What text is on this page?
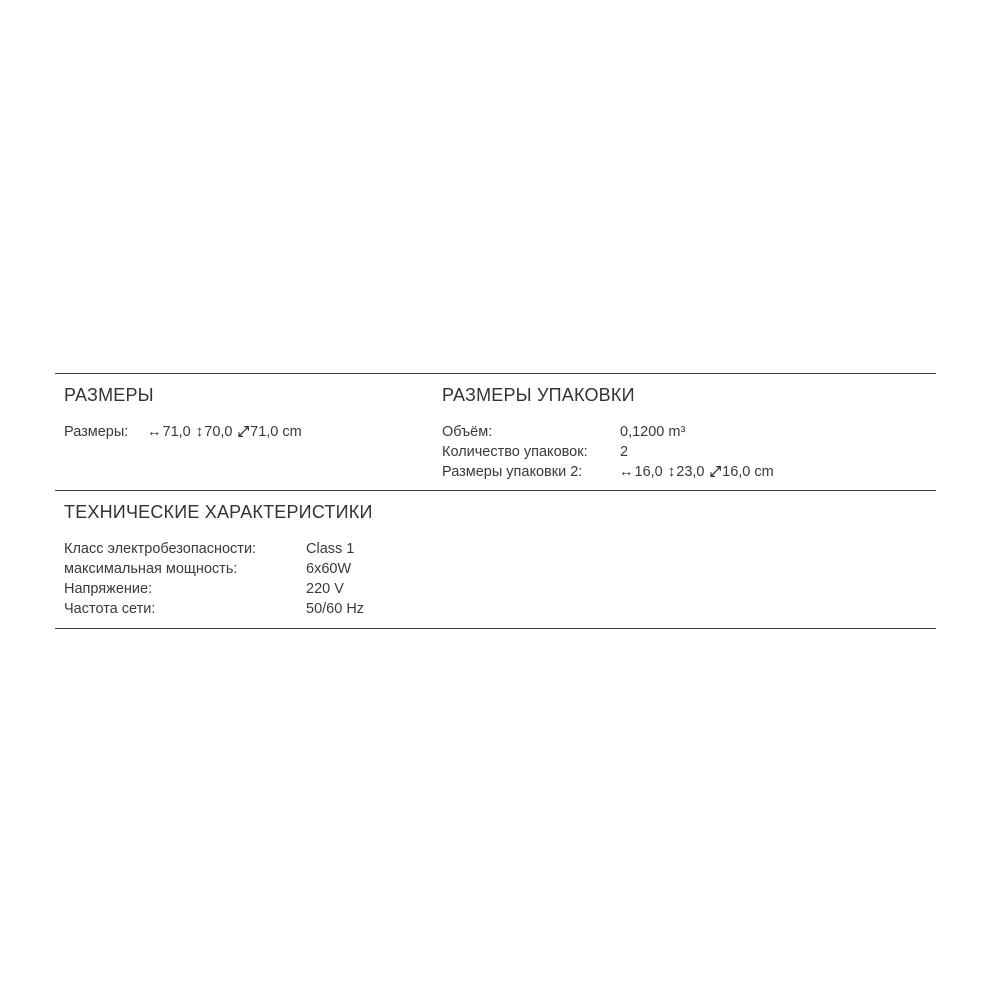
РАЗМЕРЫ
Размеры: ↔71,0 ↕70,0 ⤢71,0 cm
РАЗМЕРЫ УПАКОВКИ
Объём:	0,1200 m³
Количество упаковок: 2
Размеры упаковки 2:	↔16,0 ↕23,0 ⤢16,0 cm
ТЕХНИЧЕСКИЕ ХАРАКТЕРИСТИКИ
Класс электробезопасности:	Class 1
максимальная мощность:	6x60W
Напряжение:	220 V
Частота сети:	50/60 Hz
